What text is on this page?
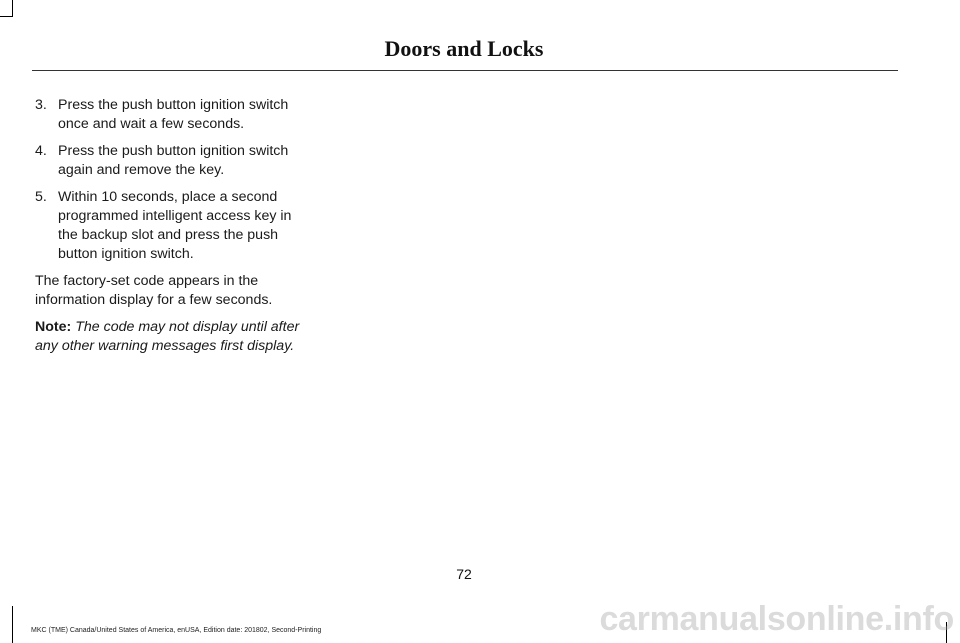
Doors and Locks
3. Press the push button ignition switch once and wait a few seconds.
4. Press the push button ignition switch again and remove the key.
5. Within 10 seconds, place a second programmed intelligent access key in the backup slot and press the push button ignition switch.

The factory-set code appears in the information display for a few seconds.

Note: The code may not display until after any other warning messages first display.

72
MKC (TME) Canada/United States of America, enUSA, Edition date: 201802, Second-Printing	carmanualsonline.info
